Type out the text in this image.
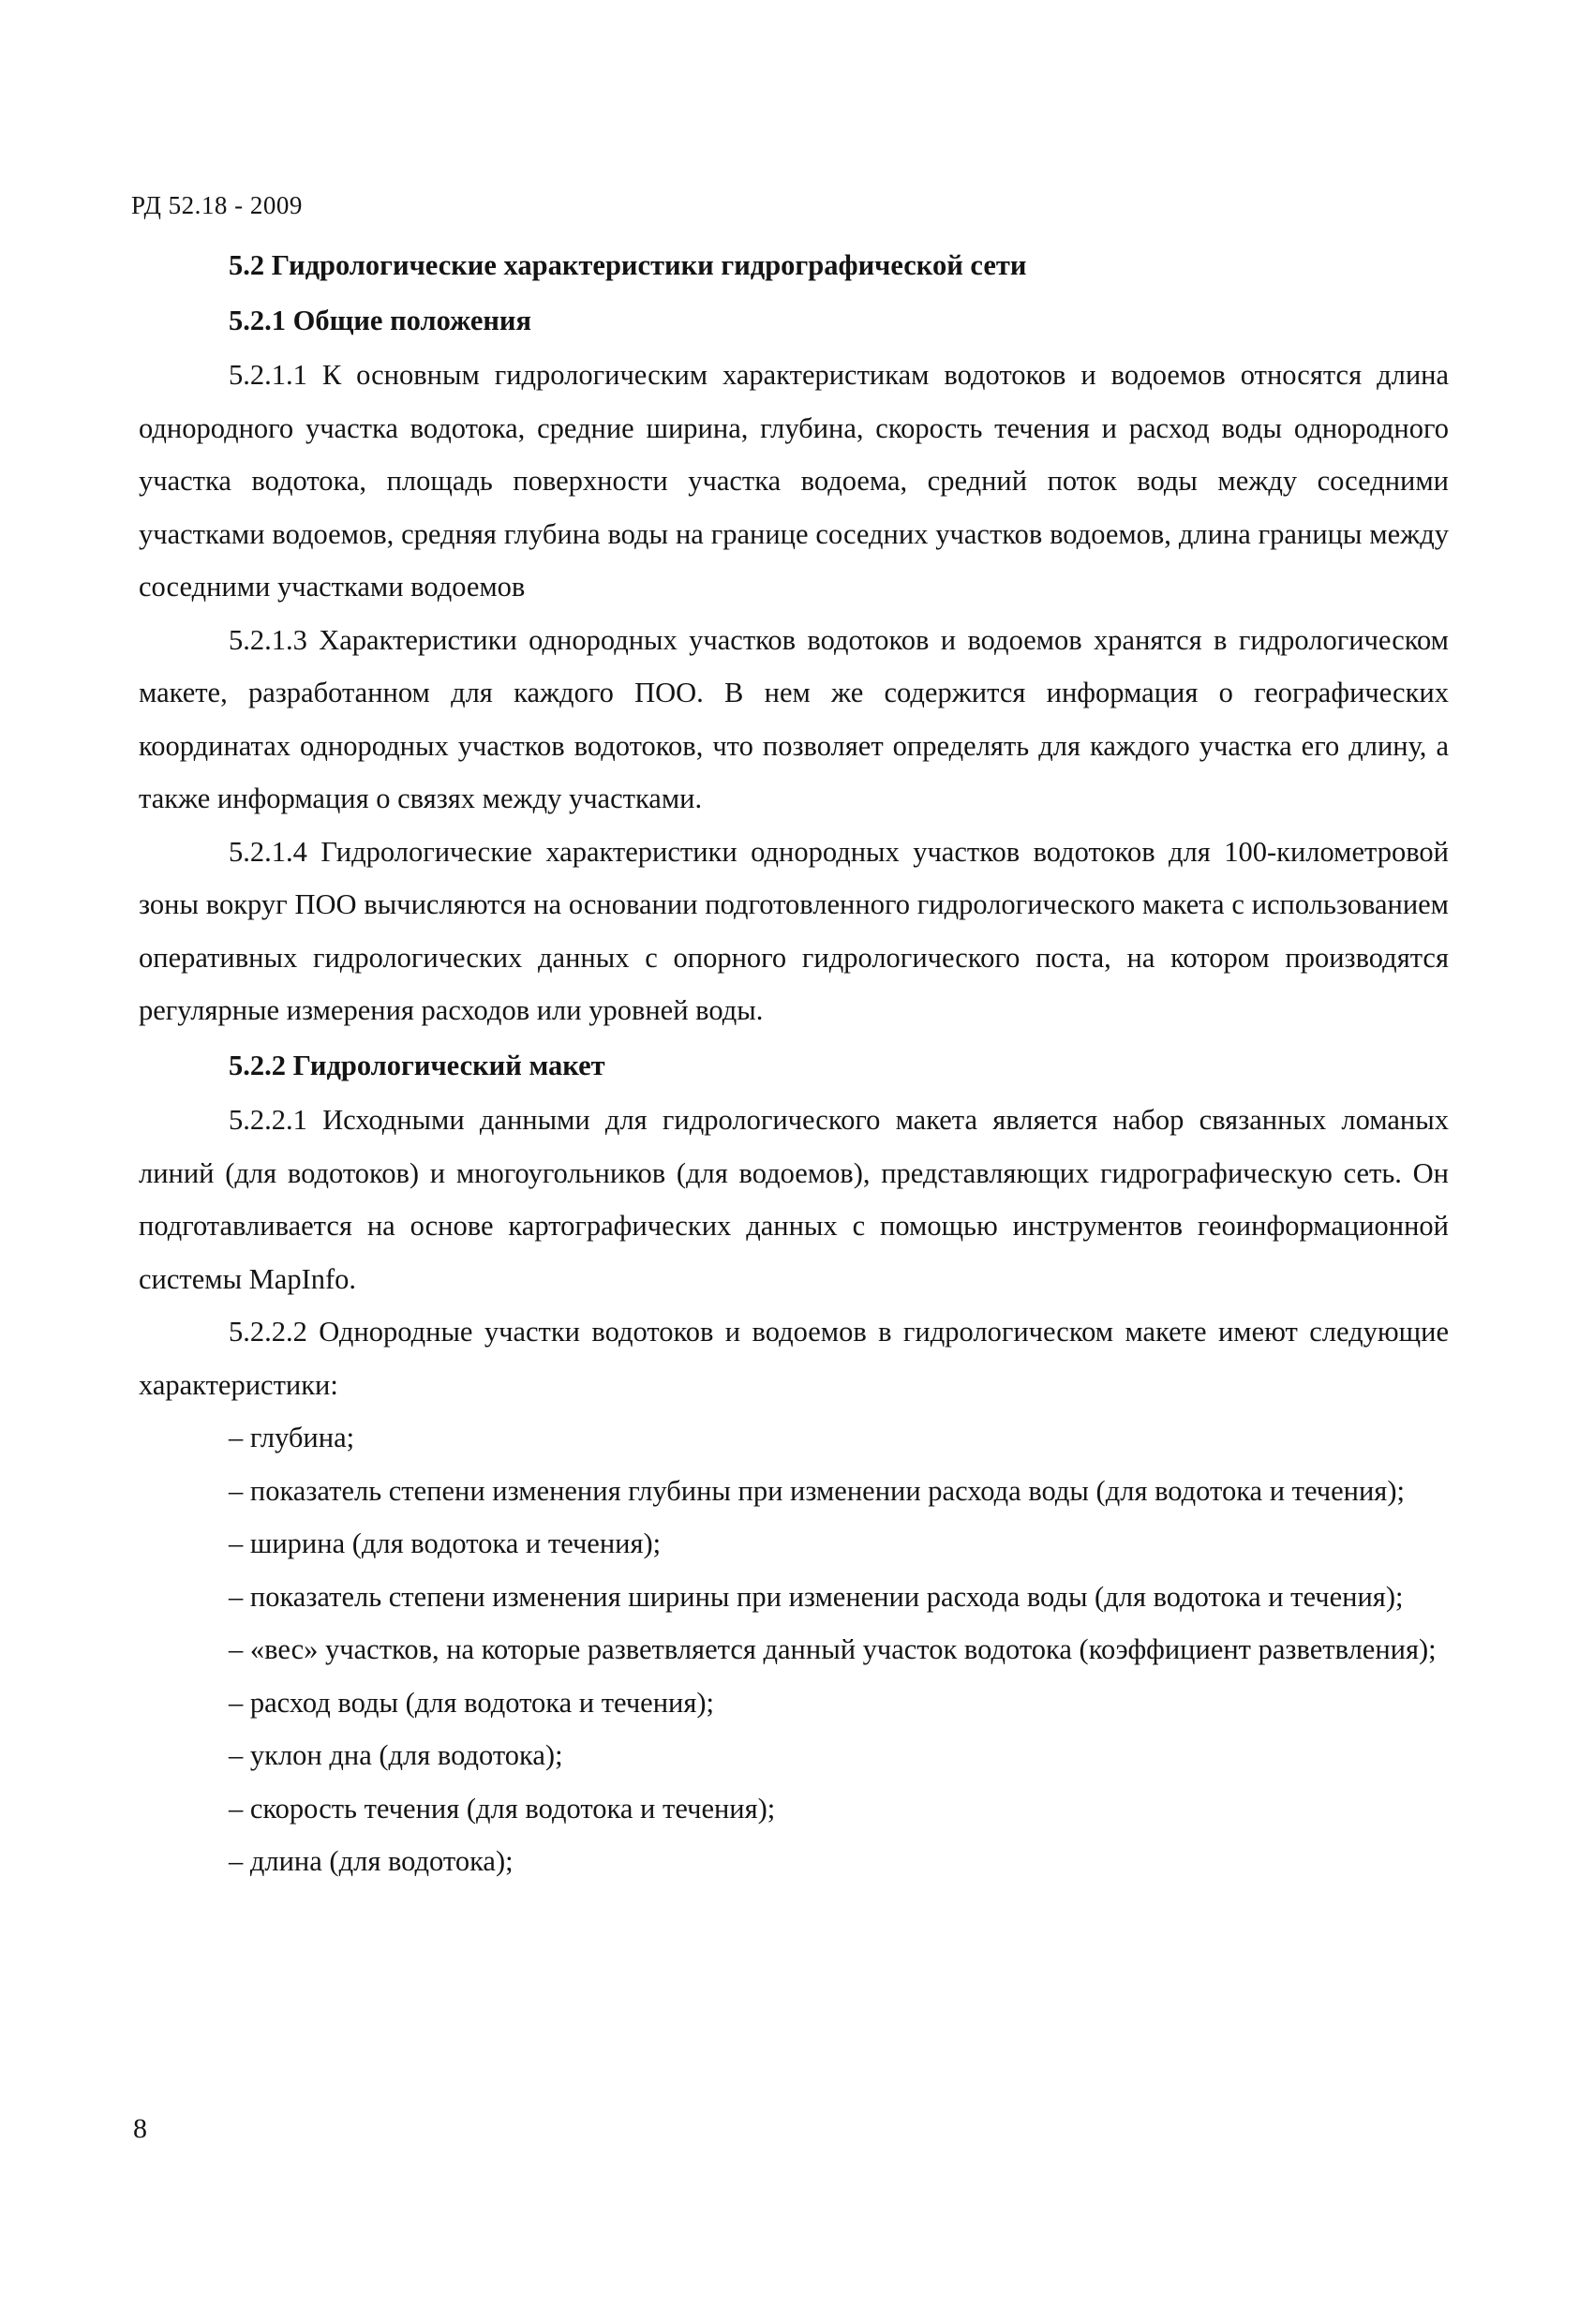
РД 52.18 - 2009

5.2 Гидрологические характеристики гидрографической сети

5.2.1 Общие положения

5.2.1.1 К основным гидрологическим характеристикам водотоков и водоемов относятся длина однородного участка водотока, средние ширина, глубина, скорость течения и расход воды однородного участка водотока, площадь поверхности участка водоема, средний поток воды между соседними участками водоемов, средняя глубина воды на границе соседних участков водоемов, длина границы между соседними участками водоемов

5.2.1.3 Характеристики однородных участков водотоков и водоемов хранятся в гидрологическом макете, разработанном для каждого ПОО. В нем же содержится информация о географических координатах однородных участков водотоков, что позволяет определять для каждого участка его длину, а также информация о связях между участками.

5.2.1.4 Гидрологические характеристики однородных участков водотоков для 100-километровой зоны вокруг ПОО вычисляются на основании подготовленного гидрологического макета с использованием оперативных гидрологических данных с опорного гидрологического поста, на котором производятся регулярные измерения расходов или уровней воды.

5.2.2 Гидрологический макет

5.2.2.1 Исходными данными для гидрологического макета является набор связанных ломаных линий (для водотоков) и многоугольников (для водоемов), представляющих гидрографическую сеть. Он подготавливается на основе картографических данных с помощью инструментов геоинформационной системы MapInfo.

5.2.2.2 Однородные участки водотоков и водоемов в гидрологическом макете имеют следующие характеристики:

– глубина;

– показатель степени изменения глубины при изменении расхода воды (для водотока и течения);

– ширина (для водотока и течения);

– показатель степени изменения ширины при изменении расхода воды (для водотока и течения);

– «вес» участков, на которые разветвляется данный участок водотока (коэффициент разветвления);

– расход воды (для водотока и течения);

– уклон дна (для водотока);

– скорость течения (для водотока и течения);

– длина (для водотока);

8
